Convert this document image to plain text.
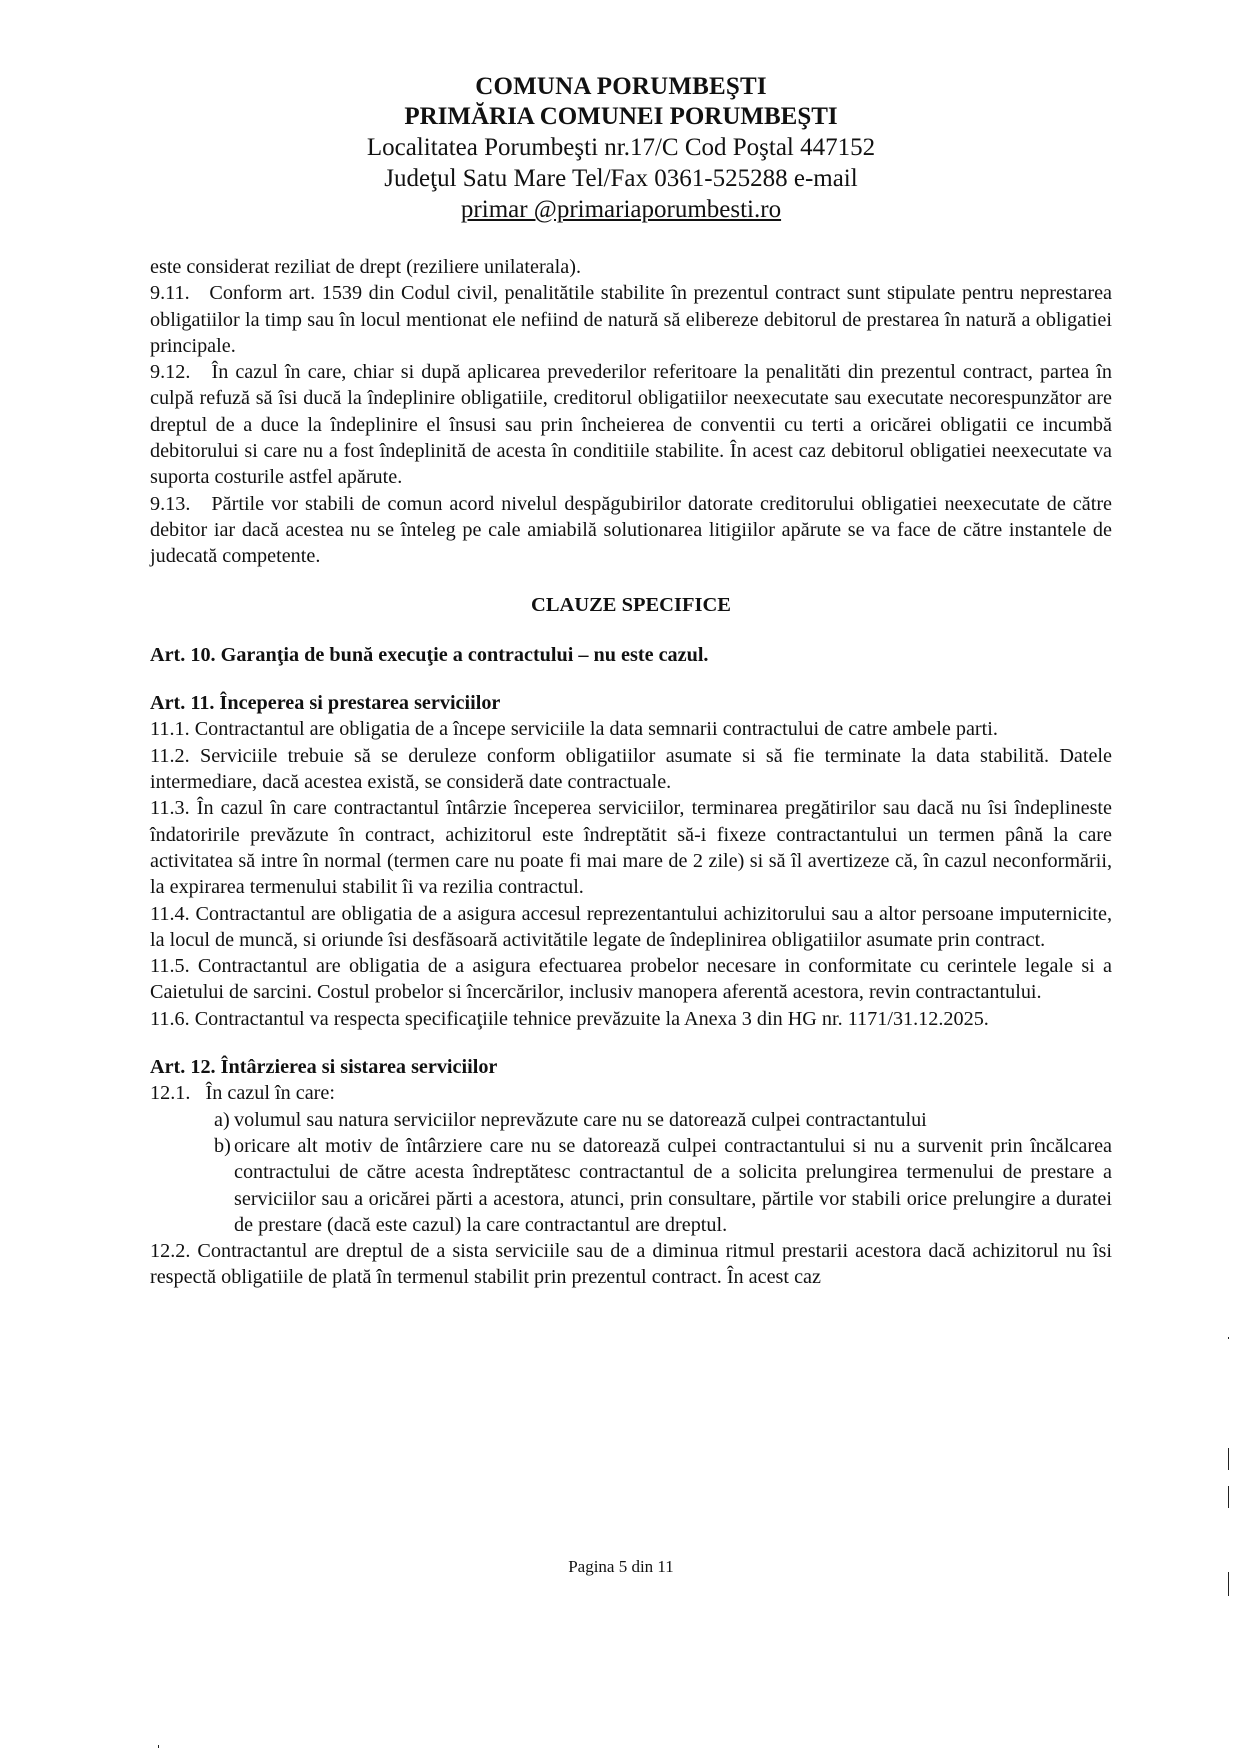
COMUNA PORUMBEŞTI
PRIMĂRIA COMUNEI PORUMBEŞTI
Localitatea Porumbeşti nr.17/C Cod Poştal 447152
Judeţul Satu Mare Tel/Fax 0361-525288 e-mail
primar @primariaporumbesti.ro

este considerat reziliat de drept (reziliere unilaterala).

9.11. Conform art. 1539 din Codul civil, penalitătile stabilite în prezentul contract sunt stipulate pentru neprestarea obligatiilor la timp sau în locul mentionat ele nefiind de natură să elibereze debitorul de prestarea în natură a obligatiei principale.

9.12. În cazul în care, chiar si după aplicarea prevederilor referitoare la penalităti din prezentul contract, partea în culpă refuză să îsi ducă la îndeplinire obligatiile, creditorul obligatiilor neexecutate sau executate necorespunzător are dreptul de a duce la îndeplinire el însusi sau prin încheierea de conventii cu terti a oricărei obligatii ce incumbă debitorului si care nu a fost îndeplinită de acesta în conditiile stabilite. În acest caz debitorul obligatiei neexecutate va suporta costurile astfel apărute.

9.13. Părtile vor stabili de comun acord nivelul despăgubirilor datorate creditorului obligatiei neexecutate de către debitor iar dacă acestea nu se înteleg pe cale amiabilă solutionarea litigiilor apărute se va face de către instantele de judecată competente.

CLAUZE SPECIFICE

Art. 10. Garanţia de bună execuţie a contractului – nu este cazul.

Art. 11. Începerea si prestarea serviciilor

11.1. Contractantul are obligatia de a începe serviciile la data semnarii contractului de catre ambele parti.

11.2. Serviciile trebuie să se deruleze conform obligatiilor asumate si să fie terminate la data stabilită. Datele intermediare, dacă acestea există, se consideră date contractuale.

11.3. În cazul în care contractantul întârzie începerea serviciilor, terminarea pregătirilor sau dacă nu îsi îndeplineste îndatoririle prevăzute în contract, achizitorul este îndreptătit să-i fixeze contractantului un termen până la care activitatea să intre în normal (termen care nu poate fi mai mare de 2 zile) si să îl avertizeze că, în cazul neconformării, la expirarea termenului stabilit îi va rezilia contractul.

11.4. Contractantul are obligatia de a asigura accesul reprezentantului achizitorului sau a altor persoane imputernicite, la locul de muncă, si oriunde îsi desfăsoară activitătile legate de îndeplinirea obligatiilor asumate prin contract.

11.5. Contractantul are obligatia de a asigura efectuarea probelor necesare in conformitate cu cerintele legale si a Caietului de sarcini. Costul probelor si încercărilor, inclusiv manopera aferentă acestora, revin contractantului.

11.6. Contractantul va respecta specificaţiile tehnice prevăzuite la Anexa 3 din HG nr. 1171/31.12.2025.

Art. 12. Întârzierea si sistarea serviciilor

12.1. În cazul în care:

a) volumul sau natura serviciilor neprevăzute care nu se datorează culpei contractantului
b) oricare alt motiv de întârziere care nu se datorează culpei contractantului si nu a survenit prin încălcarea contractului de către acesta îndreptătesc contractantul de a solicita prelungirea termenului de prestare a serviciilor sau a oricărei părti a acestora, atunci, prin consultare, părtile vor stabili orice prelungire a duratei de prestare (dacă este cazul) la care contractantul are dreptul.

12.2. Contractantul are dreptul de a sista serviciile sau de a diminua ritmul prestarii acestora dacă achizitorul nu îsi respectă obligatiile de plată în termenul stabilit prin prezentul contract. În acest caz

Pagina 5 din 11
